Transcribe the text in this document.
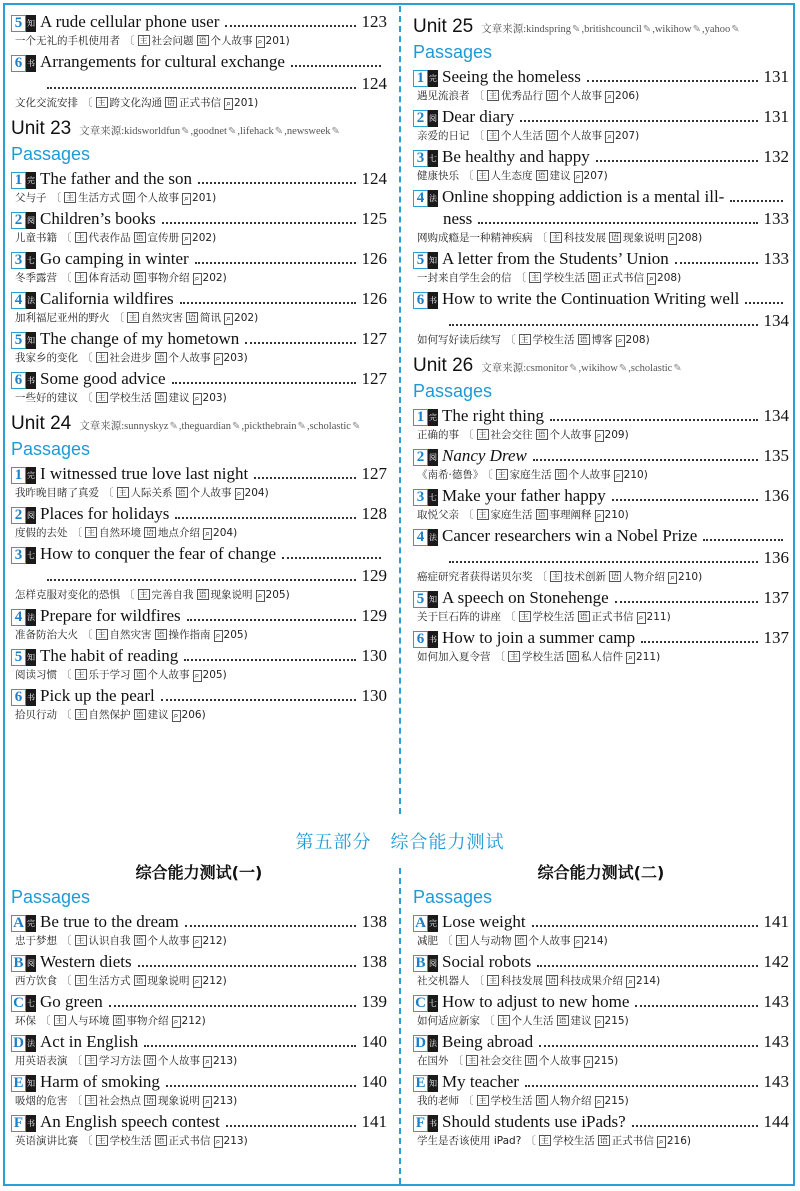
5 知 A rude cellular phone user	123
一个无礼的手机使用者 〔 主 社会问题 语 个人故事 ⌕ 201)
6 书 Arrangements for cultural exchange
124
文化交流安排 〔 主 跨文化沟通 语 正式书信 ⌕ 201)
Unit 23 文章来源:kidsworldfun✎,goodnet✎,lifehack✎,newsweek✎
Passages
1 完 The father and the son	124
父与子 〔 主 生活方式 语 个人故事 ⌕ 201)
2 阅 Children’s books	125
儿童书籍 〔 主 代表作品 语 宣传册 ⌕ 202)
3 七 Go camping in winter	126
冬季露营 〔 主 体育活动 语 事物介绍 ⌕ 202)
4 法 California wildfires	126
加利福尼亚州的野火 〔 主 自然灾害 语 简讯 ⌕ 202)
5 知 The change of my hometown	127
我家乡的变化 〔 主 社会进步 语 个人故事 ⌕ 203)
6 书 Some good advice	127
一些好的建议 〔 主 学校生活 语 建议 ⌕ 203)
Unit 24 文章来源:sunnyskyz✎,theguardian✎,pickthebrain✎,scholastic✎
Passages
1 完 I witnessed true love last night	127
我昨晚目睹了真爱 〔 主 人际关系 语 个人故事 ⌕ 204)
2 阅 Places for holidays	128
度假的去处 〔 主 自然环境 语 地点介绍 ⌕ 204)
3 七 How to conquer the fear of change
129
怎样克服对变化的恐惧 〔 主 完善自我 语 现象说明 ⌕ 205)
4 法 Prepare for wildfires	129
准备防治大火 〔 主 自然灾害 语 操作指南 ⌕ 205)
5 知 The habit of reading	130
阅读习惯 〔 主 乐于学习 语 个人故事 ⌕ 205)
6 书 Pick up the pearl	130
拾贝行动 〔 主 自然保护 语 建议 ⌕ 206)
Unit 25 文章来源:kindspring✎,britishcouncil✎,wikihow✎,yahoo✎
Passages
1 完 Seeing the homeless	131
遇见流浪者 〔 主 优秀品行 语 个人故事 ⌕ 206)
2 阅 Dear diary	131
亲爱的日记 〔 主 个人生活 语 个人故事 ⌕ 207)
3 七 Be healthy and happy	132
健康快乐 〔 主 人生态度 语 建议 ⌕ 207)
4 法 Online shopping addiction is a mental ill-
ness	133
网购成瘾是一种精神疾病 〔 主 科技发展 语 现象说明 ⌕ 208)
5 知 A letter from the Students’ Union	133
一封来自学生会的信 〔 主 学校生活 语 正式书信 ⌕ 208)
6 书 How to write the Continuation Writing well
134
如何写好读后续写 〔 主 学校生活 语 博客 ⌕ 208)
Unit 26 文章来源:csmonitor✎,wikihow✎,scholastic✎
Passages
1 完 The right thing	134
正确的事 〔 主 社会交往 语 个人故事 ⌕ 209)
2 阅 Nancy Drew	135
《南希·德鲁》 〔 主 家庭生活 语 个人故事 ⌕ 210)
3 七 Make your father happy	136
取悦父亲 〔 主 家庭生活 语 事理阐释 ⌕ 210)
4 法 Cancer researchers win a Nobel Prize
136
癌症研究者获得诺贝尔奖 〔 主 技术创新 语 人物介绍 ⌕ 210)
5 知 A speech on Stonehenge	137
关于巨石阵的讲座 〔 主 学校生活 语 正式书信 ⌕ 211)
6 书 How to join a summer camp	137
如何加入夏令营 〔 主 学校生活 语 私人信件 ⌕ 211)
第五部分　综合能力测试
综合能力测试(一)
Passages
A 完 Be true to the dream	138
忠于梦想 〔 主 认识自我 语 个人故事 ⌕ 212)
B 阅 Western diets	138
西方饮食 〔 主 生活方式 语 现象说明 ⌕ 212)
C 七 Go green	139
环保 〔 主 人与环境 语 事物介绍 ⌕ 212)
D 法 Act in English	140
用英语表演 〔 主 学习方法 语 个人故事 ⌕ 213)
E 知 Harm of smoking	140
吸烟的危害 〔 主 社会热点 语 现象说明 ⌕ 213)
F 书 An English speech contest	141
英语演讲比赛 〔 主 学校生活 语 正式书信 ⌕ 213)
综合能力测试(二)
Passages
A 完 Lose weight	141
减肥 〔 主 人与动物 语 个人故事 ⌕ 214)
B 阅 Social robots	142
社交机器人 〔 主 科技发展 语 科技成果介绍 ⌕ 214)
C 七 How to adjust to new home	143
如何适应新家 〔 主 个人生活 语 建议 ⌕ 215)
D 法 Being abroad	143
在国外 〔 主 社会交往 语 个人故事 ⌕ 215)
E 知 My teacher	143
我的老师 〔 主 学校生活 语 人物介绍 ⌕ 215)
F 书 Should students use iPads?	144
学生是否该使用 iPad? 〔 主 学校生活 语 正式书信 ⌕ 216)
